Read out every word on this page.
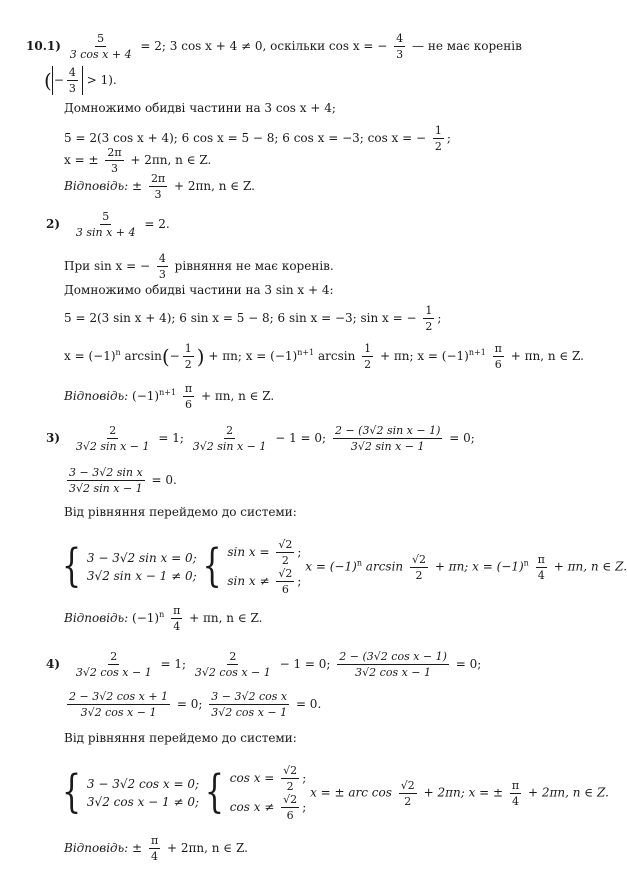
$10.1) \frac{5}{\text{3 cos x + 4}} = 2$; 3 cos x + 4 ≠ 0, оскільки cos x = − $\frac{4}{3}$ — не має коренів
( − $\frac{4}{3} > 1$).
Домножимо обидві частини на 3 cos x + 4;
5 = 2(3 cos x + 4); 6 cos x = 5 − 8; 6 cos x = −3; cos x = − $\frac{1}{2}$ ;
x = ± $\frac{2\pi}{3} + 2\pi n$, n ∈ Z.
Відповідь: ± $\frac{2\pi}{3} + 2\pi n$, n ∈ Z.
$2) \frac{5}{\text{3 sin x + 4}} = 2$.
При sin x = − $\frac{4}{3}$ рівняння не має коренів.
Домножимо обидві частини на 3 sin x + 4:
5 = 2(3 sin x + 4); 6 sin x = 5 − 8; 6 sin x = −3; sin x = − $\frac{1}{2}$ ;
$x = (-1)^n$ $\arcsin(- \frac{1}{2}$ ) + πn; $x = (-1)^{n+1}$ $\arcsin \frac{1}{2} + \pi n$; $x = (-1)^{n+1} \frac{\pi}{6} + \pi n$, n ∈ Z.
Відповідь: $(-1)^{n+1} \frac{\pi}{6} + \pi n$, n ∈ Z.
$3) \frac{2}{\text{3√2 sin x − 1}} = 1$; $\frac{2}{\text{3√2 sin x − 1}} - 1 = 0$; $\frac{\text{2 − (3√2 sin x − 1)}}{\text{3√2 sin x − 1}} = 0$;
$\frac{\text{3 − 3√2 sin x}}{\text{3√2 sin x − 1}} = 0$.
Від рівняння перейдемо до системи:
{ 3 − 3√2 sin x = 0;
3√2 sin x − 1 ≠ 0; { $\sin x = \frac{√2}{2}$ ;
$\sin x \ne \frac{√2}{6}$ ;
$x = (-1)^n$ $\arcsin \frac{√2}{2} + \pi n$; $x = (-1)^n \frac{\pi}{4} + \pi n$, n ∈ Z.
Відповідь: $(-1)^n \frac{\pi}{4} + \pi n$, n ∈ Z.
$4) \frac{2}{\text{3√2 cos x − 1}} = 1$; $\frac{2}{\text{3√2 cos x − 1}} - 1 = 0$; $\frac{\text{2 − (3√2 cos x − 1)}}{\text{3√2 cos x − 1}} = 0$;
$\frac{\text{2 − 3√2 cos x + 1}}{\text{3√2 cos x − 1}} = 0$; $\frac{\text{3 − 3√2 cos x}}{\text{3√2 cos x − 1}} = 0$.
Від рівняння перейдемо до системи:
{ 3 − 3√2 cos x = 0;
3√2 cos x − 1 ≠ 0; { $\cos x = \frac{√2}{2}$ ;
$\cos x \ne \frac{√2}{6}$ ;
x = ± arc $\cos \frac{√2}{2} + 2\pi n$; x = ± $\frac{\pi}{4} + 2\pi n$, n ∈ Z.
Відповідь: ± $\frac{\pi}{4} + 2\pi n$, n ∈ Z.
